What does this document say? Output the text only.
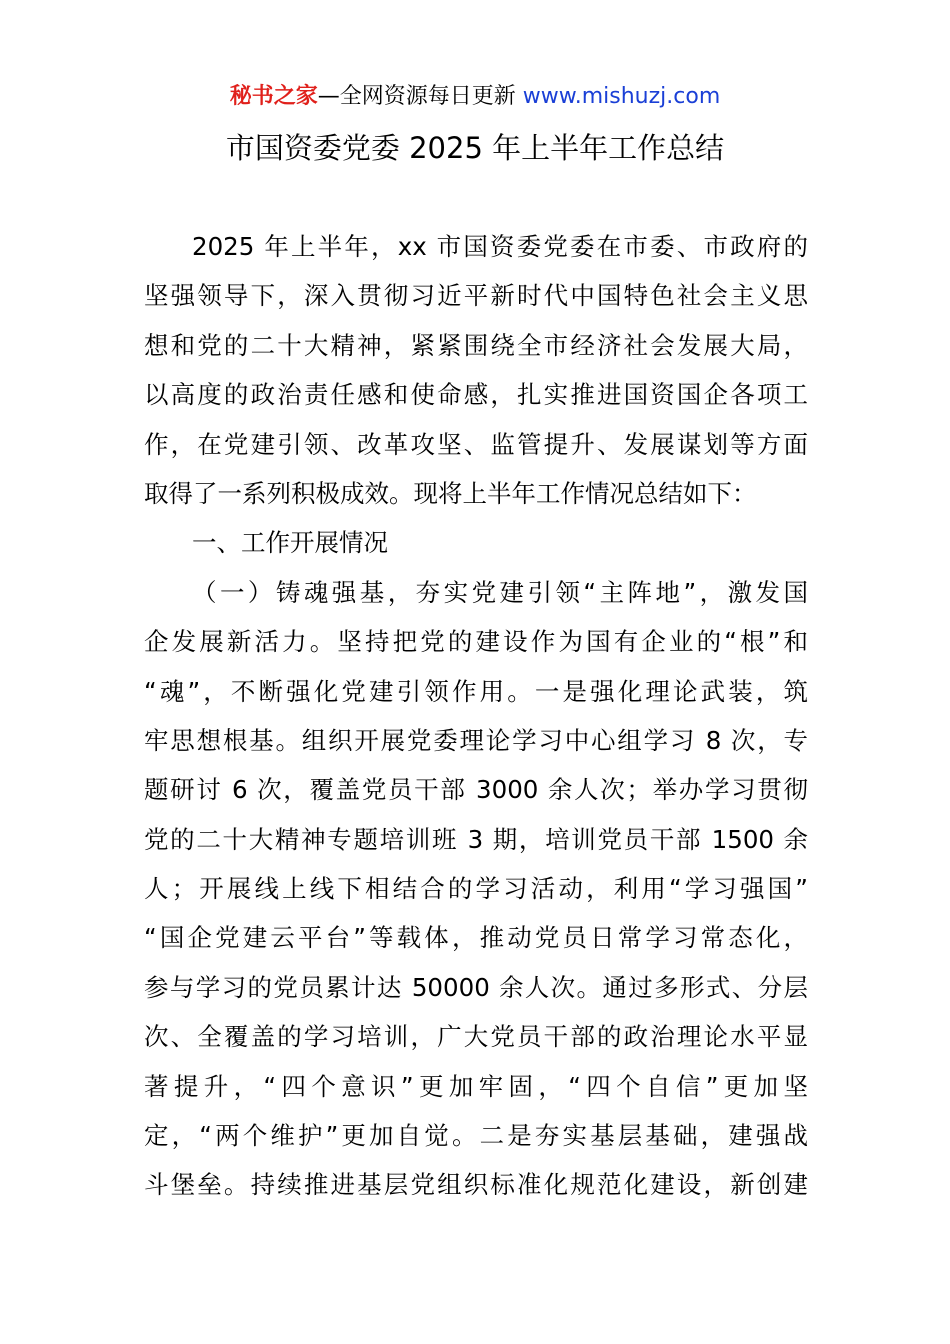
秘书之家—全网资源每日更新 www.mishuzj.com
市国资委党委 2025 年上半年工作总结
2025 年上半年，xx 市国资委党委在市委、市政府的
坚强领导下，深入贯彻习近平新时代中国特色社会主义思
想和党的二十大精神，紧紧围绕全市经济社会发展大局，
以高度的政治责任感和使命感，扎实推进国资国企各项工
作，在党建引领、改革攻坚、监管提升、发展谋划等方面
取得了一系列积极成效。现将上半年工作情况总结如下：
一、工作开展情况
（一）铸魂强基，夯实党建引领“主阵地”，激发国
企发展新活力。坚持把党的建设作为国有企业的“根”和
“魂”，不断强化党建引领作用。一是强化理论武装，筑
牢思想根基。组织开展党委理论学习中心组学习 8 次，专
题研讨 6 次，覆盖党员干部 3000 余人次；举办学习贯彻
党的二十大精神专题培训班 3 期，培训党员干部 1500 余
人；开展线上线下相结合的学习活动，利用“学习强国”
“国企党建云平台”等载体，推动党员日常学习常态化，
参与学习的党员累计达 50000 余人次。通过多形式、分层
次、全覆盖的学习培训，广大党员干部的政治理论水平显
著提升，“四个意识”更加牢固，“四个自信”更加坚
定，“两个维护”更加自觉。二是夯实基层基础，建强战
斗堡垒。持续推进基层党组织标准化规范化建设，新创建
